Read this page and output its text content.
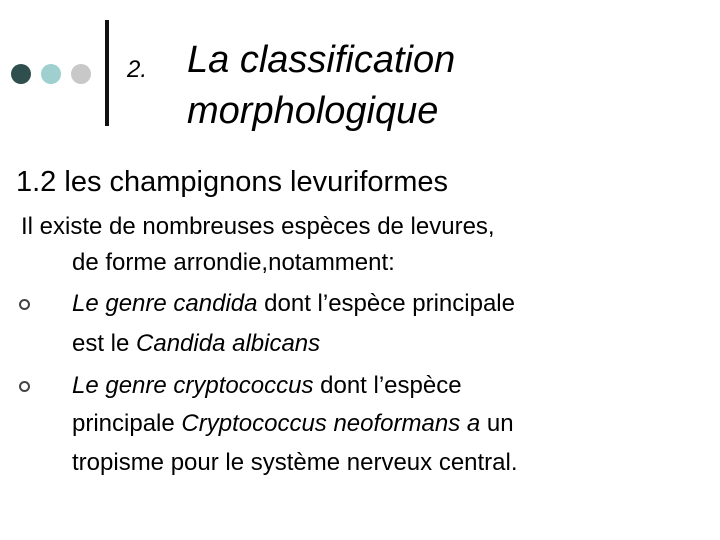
2. La classification
morphologique
1.2 les champignons levuriformes
Il existe de nombreuses espèces de levures,
de forme arrondie,notamment:
Le genre candida dont l’espèce principale
est le Candida albicans
Le genre cryptococcus dont l’espèce
principale Cryptococcus neoformans a un
tropisme pour le système nerveux central.
